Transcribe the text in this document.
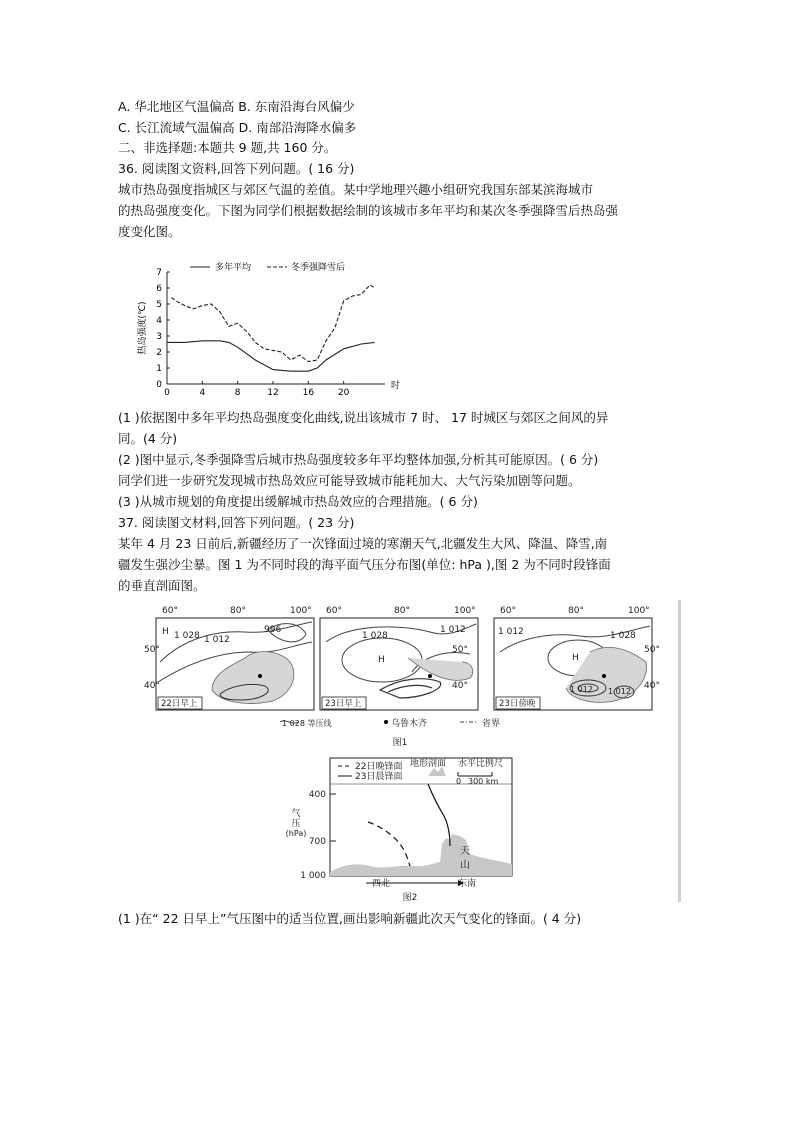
A. 华北地区气温偏高 B. 东南沿海台风偏少
C. 长江流域气温偏高 D. 南部沿海降水偏多
二、非选择题:本题共 9 题,共 160 分。
36. 阅读图文资料,回答下列问题。( 16 分)
城市热岛强度指城区与郊区气温的差值。某中学地理兴趣小组研究我国东部某滨海城市
的热岛强度变化。下图为同学们根据数据绘制的该城市多年平均和某次冬季强降雪后热岛强
度变化图。
0
1
2
3
4
5
6
7
0	4	8	12	16	20
时
热岛强度(℃)
多年平均	冬季强降雪后
(1 )依据图中多年平均热岛强度变化曲线,说出该城市 7 时、 17 时城区与郊区之间风的异
同。(4 分)
(2 )图中显示,冬季强降雪后城市热岛强度较多年平均整体加强,分析其可能原因。( 6 分)
同学们进一步研究发现城市热岛效应可能导致城市能耗加大、大气污染加剧等问题。
(3 )从城市规划的角度提出缓解城市热岛效应的合理措施。( 6 分)
37. 阅读图文材料,回答下列问题。( 23 分)
某年 4 月 23 日前后,新疆经历了一次锋面过境的寒潮天气,北疆发生大风、降温、降雪,南
疆发生强沙尘暴。图 1 为不同时段的海平面气压分布图(单位: hPa ),图 2 为不同时段锋面
的垂直剖面图。
60°	80°	100°
22日早上
60°	80°	100°
23日早上
60°	80°	100°
23日傍晚
50°
40°
50°
40°
50°
40°
H 1 028 1 012
996
1 028
1 012
H
1 012	1 028
H
1 012 1 012
1 028 等压线	乌鲁木齐	省界
图1
22日晚锋面
23日晨锋面
地形剖面 水平比例尺
0 300 km
400
700
1 000
气
压
(hPa)
西北	东南
天
山
图2
(1 )在“ 22 日早上”气压图中的适当位置,画出影响新疆此次天气变化的锋面。( 4 分)
